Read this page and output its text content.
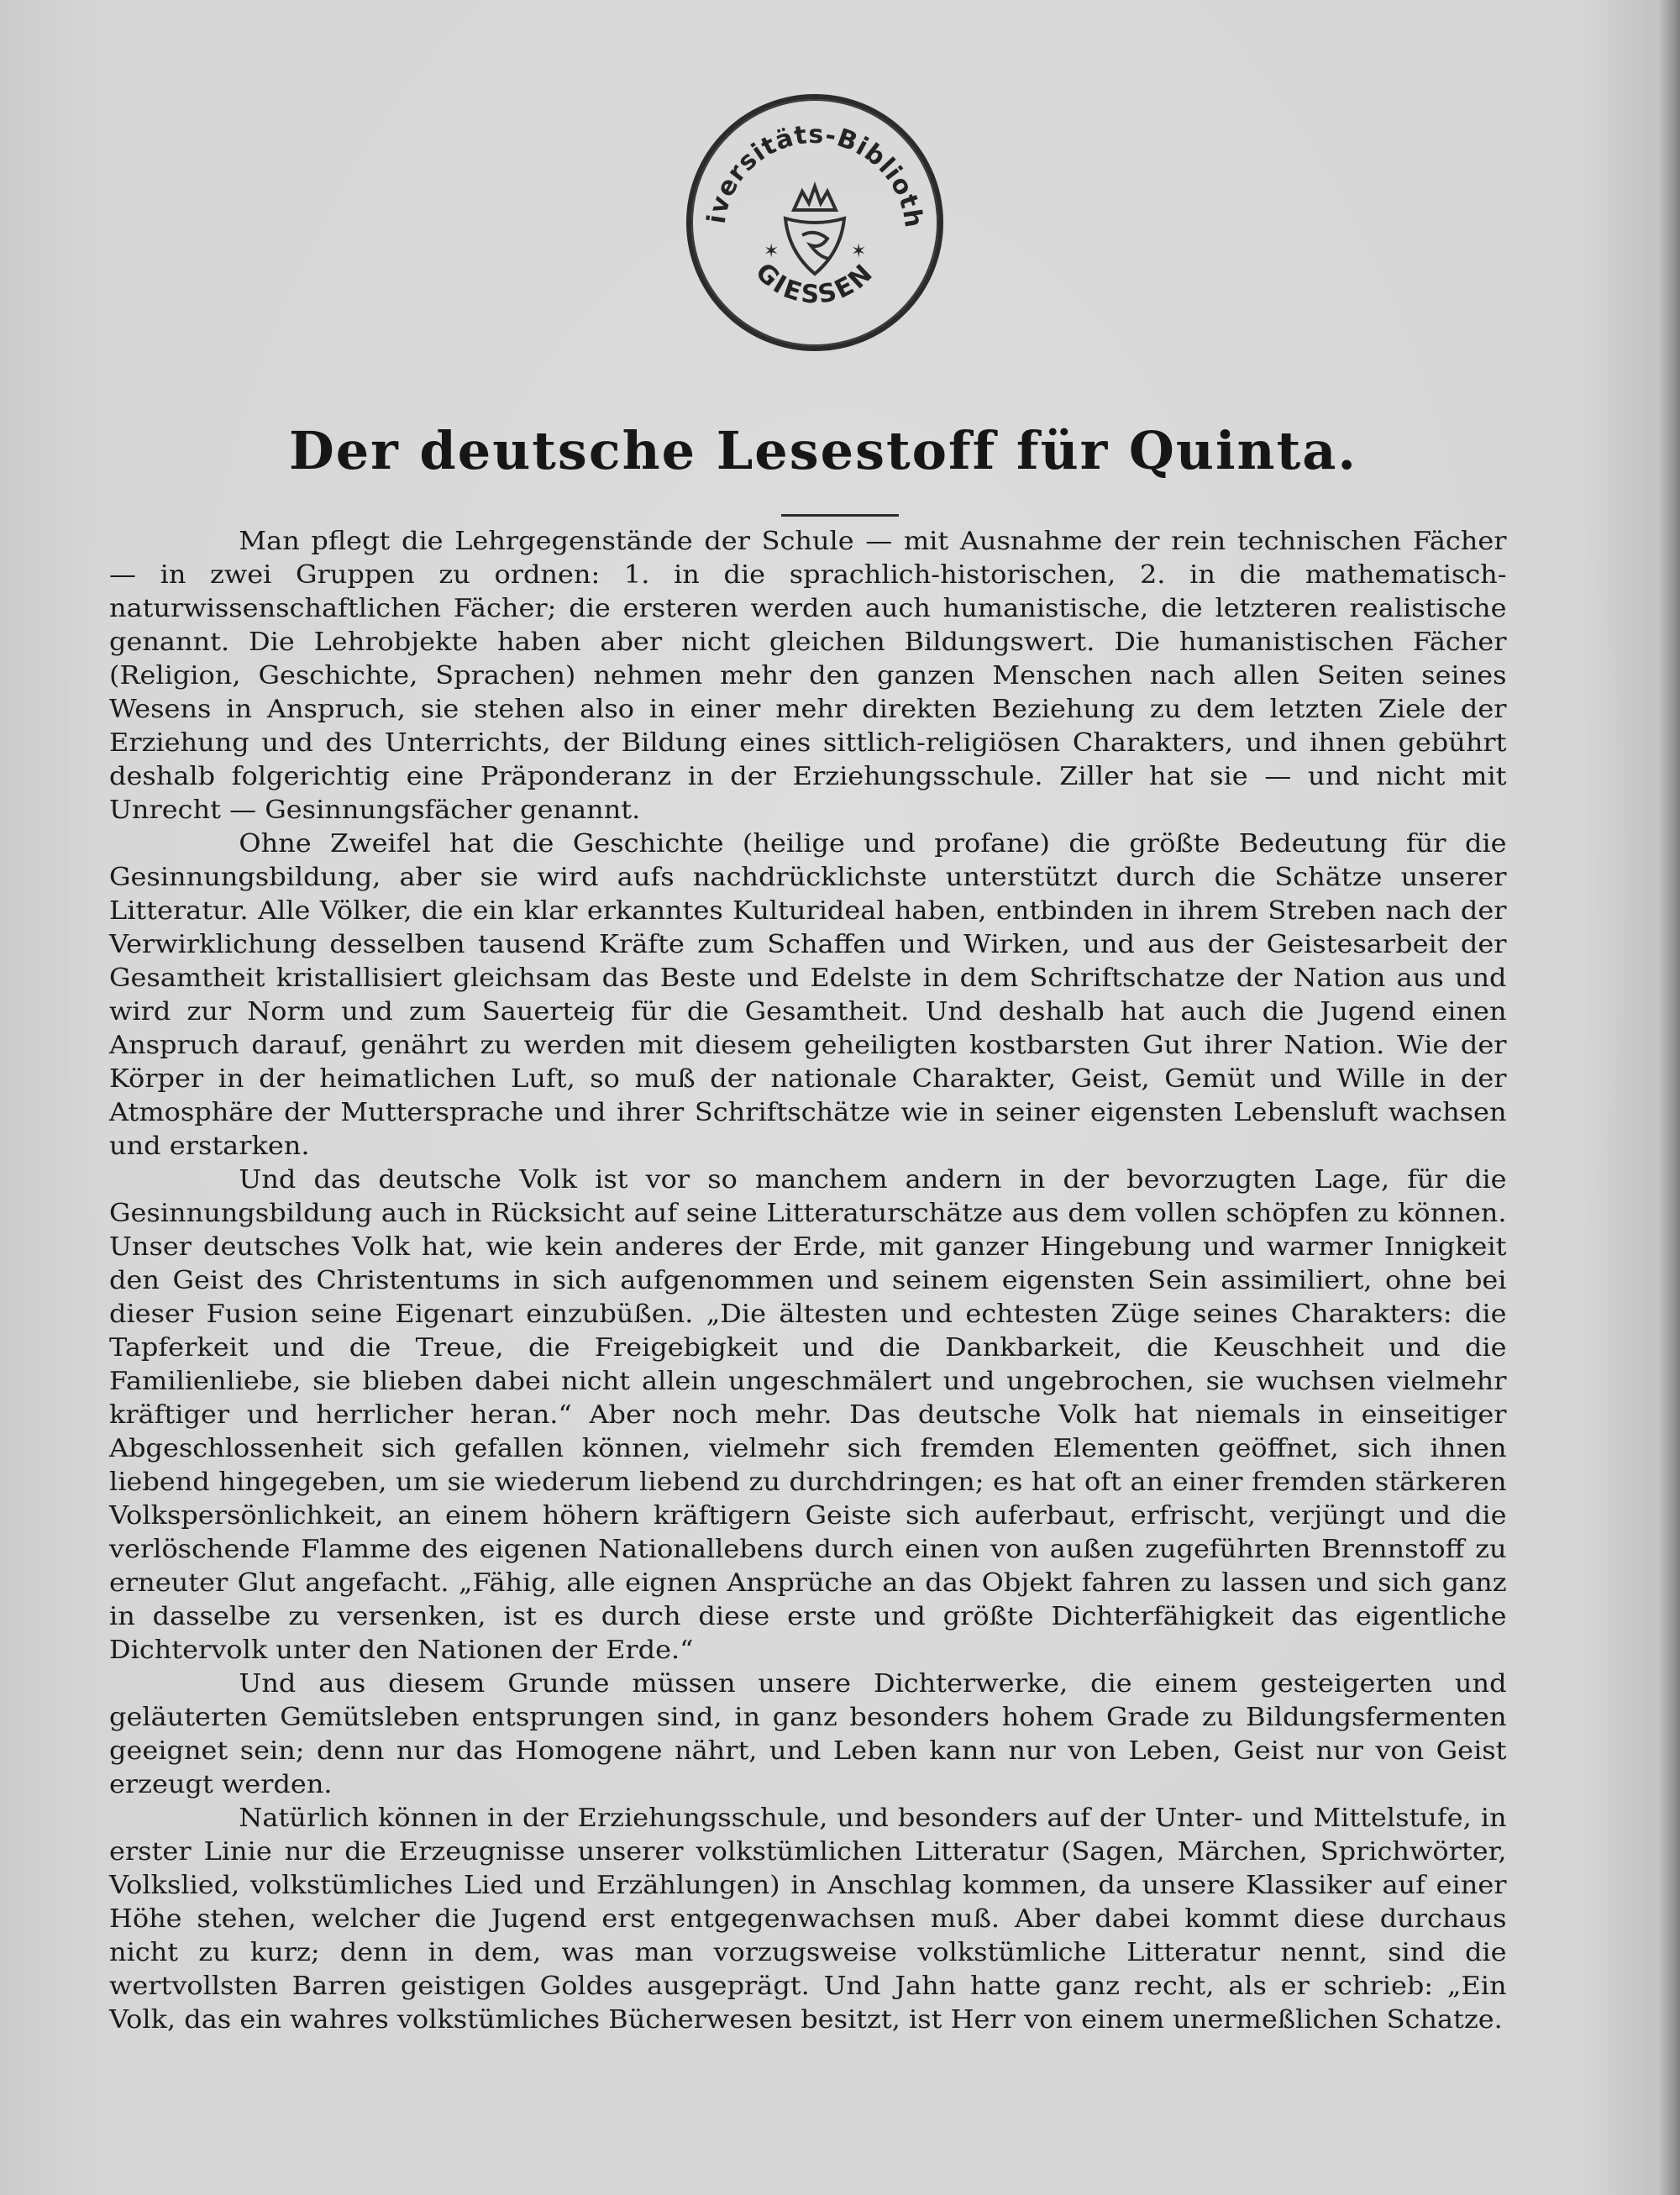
iversitäts-Biblioth
GIESSEN
✶	✶
Der deutsche Lesestoff für Quinta.

Man pflegt die Lehrgegenstände der Schule — mit Ausnahme der rein technischen Fächer — in zwei Gruppen zu ordnen: 1. in die sprachlich-historischen, 2. in die mathematisch-naturwissenschaftlichen Fächer; die ersteren werden auch humanistische, die letzteren realistische genannt. Die Lehrobjekte haben aber nicht gleichen Bildungswert. Die humanistischen Fächer (Religion, Geschichte, Sprachen) nehmen mehr den ganzen Menschen nach allen Seiten seines Wesens in Anspruch, sie stehen also in einer mehr direkten Beziehung zu dem letzten Ziele der Erziehung und des Unterrichts, der Bildung eines sittlich-religiösen Charakters, und ihnen gebührt deshalb folgerichtig eine Präponderanz in der Erziehungsschule. Ziller hat sie — und nicht mit Unrecht — Gesinnungsfächer genannt.

Ohne Zweifel hat die Geschichte (heilige und profane) die größte Bedeutung für die Gesinnungsbildung, aber sie wird aufs nachdrücklichste unterstützt durch die Schätze unserer Litteratur. Alle Völker, die ein klar erkanntes Kulturideal haben, entbinden in ihrem Streben nach der Verwirklichung desselben tausend Kräfte zum Schaffen und Wirken, und aus der Geistesarbeit der Gesamtheit kristallisiert gleichsam das Beste und Edelste in dem Schriftschatze der Nation aus und wird zur Norm und zum Sauerteig für die Gesamtheit. Und deshalb hat auch die Jugend einen Anspruch darauf, genährt zu werden mit diesem geheiligten kostbarsten Gut ihrer Nation. Wie der Körper in der heimatlichen Luft, so muß der nationale Charakter, Geist, Gemüt und Wille in der Atmosphäre der Muttersprache und ihrer Schriftschätze wie in seiner eigensten Lebensluft wachsen und erstarken.

Und das deutsche Volk ist vor so manchem andern in der bevorzugten Lage, für die Gesinnungsbildung auch in Rücksicht auf seine Litteraturschätze aus dem vollen schöpfen zu können. Unser deutsches Volk hat, wie kein anderes der Erde, mit ganzer Hingebung und warmer Innigkeit den Geist des Christentums in sich aufgenommen und seinem eigensten Sein assimiliert, ohne bei dieser Fusion seine Eigenart einzubüßen. „Die ältesten und echtesten Züge seines Charakters: die Tapferkeit und die Treue, die Freigebigkeit und die Dankbarkeit, die Keuschheit und die Familienliebe, sie blieben dabei nicht allein ungeschmälert und ungebrochen, sie wuchsen vielmehr kräftiger und herrlicher heran.“ Aber noch mehr. Das deutsche Volk hat niemals in einseitiger Abgeschlossenheit sich gefallen können, vielmehr sich fremden Elementen geöffnet, sich ihnen liebend hingegeben, um sie wiederum liebend zu durchdringen; es hat oft an einer fremden stärkeren Volkspersönlichkeit, an einem höhern kräftigern Geiste sich auferbaut, erfrischt, verjüngt und die verlöschende Flamme des eigenen Nationallebens durch einen von außen zugeführten Brennstoff zu erneuter Glut angefacht. „Fähig, alle eignen Ansprüche an das Objekt fahren zu lassen und sich ganz in dasselbe zu versenken, ist es durch diese erste und größte Dichterfähigkeit das eigentliche Dichtervolk unter den Nationen der Erde.“

Und aus diesem Grunde müssen unsere Dichterwerke, die einem gesteigerten und geläuterten Gemütsleben entsprungen sind, in ganz besonders hohem Grade zu Bildungsfermenten geeignet sein; denn nur das Homogene nährt, und Leben kann nur von Leben, Geist nur von Geist erzeugt werden.

Natürlich können in der Erziehungsschule, und besonders auf der Unter- und Mittelstufe, in erster Linie nur die Erzeugnisse unserer volkstümlichen Litteratur (Sagen, Märchen, Sprichwörter, Volkslied, volkstümliches Lied und Erzählungen) in Anschlag kommen, da unsere Klassiker auf einer Höhe stehen, welcher die Jugend erst entgegenwachsen muß. Aber dabei kommt diese durchaus nicht zu kurz; denn in dem, was man vorzugsweise volkstümliche Litteratur nennt, sind die wertvollsten Barren geistigen Goldes ausgeprägt. Und Jahn hatte ganz recht, als er schrieb: „Ein Volk, das ein wahres volkstümliches Bücherwesen besitzt, ist Herr von einem unermeßlichen Schatze.
